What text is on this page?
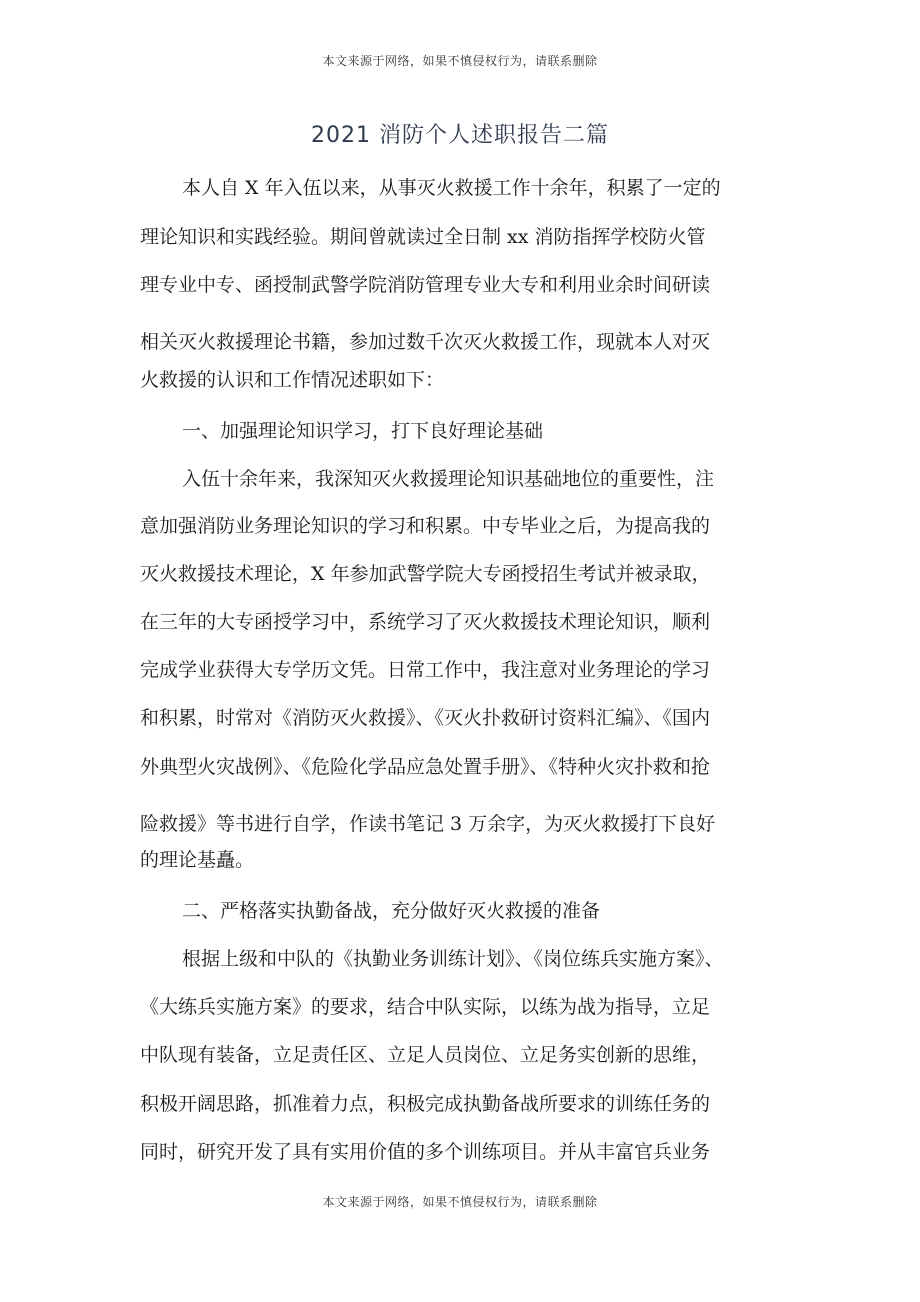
本文来源于网络，如果不慎侵权行为，请联系删除
2021 消防个人述职报告二篇
本人自 X 年入伍以来，从事灭火救援工作十余年，积累了一定的
理论知识和实践经验。期间曾就读过全日制 xx 消防指挥学校防火管
理专业中专、函授制武警学院消防管理专业大专和利用业余时间研读
相关灭火救援理论书籍，参加过数千次灭火救援工作，现就本人对灭
火救援的认识和工作情况述职如下：
一、加强理论知识学习，打下良好理论基础
入伍十余年来，我深知灭火救援理论知识基础地位的重要性，注
意加强消防业务理论知识的学习和积累。中专毕业之后，为提高我的
灭火救援技术理论，X 年参加武警学院大专函授招生考试并被录取，
在三年的大专函授学习中，系统学习了灭火救援技术理论知识，顺利
完成学业获得大专学历文凭。日常工作中，我注意对业务理论的学习
和积累，时常对《消防灭火救援》、《灭火扑救研讨资料汇编》、《国内
外典型火灾战例》、《危险化学品应急处置手册》、《特种火灾扑救和抢
险救援》等书进行自学，作读书笔记 3 万余字，为灭火救援打下良好
的理论基矗。
二、严格落实执勤备战，充分做好灭火救援的准备
根据上级和中队的《执勤业务训练计划》、《岗位练兵实施方案》、
《大练兵实施方案》的要求，结合中队实际，以练为战为指导，立足
中队现有装备，立足责任区、立足人员岗位、立足务实创新的思维，
积极开阔思路，抓准着力点，积极完成执勤备战所要求的训练任务的
同时，研究开发了具有实用价值的多个训练项目。并从丰富官兵业务
本文来源于网络，如果不慎侵权行为，请联系删除
